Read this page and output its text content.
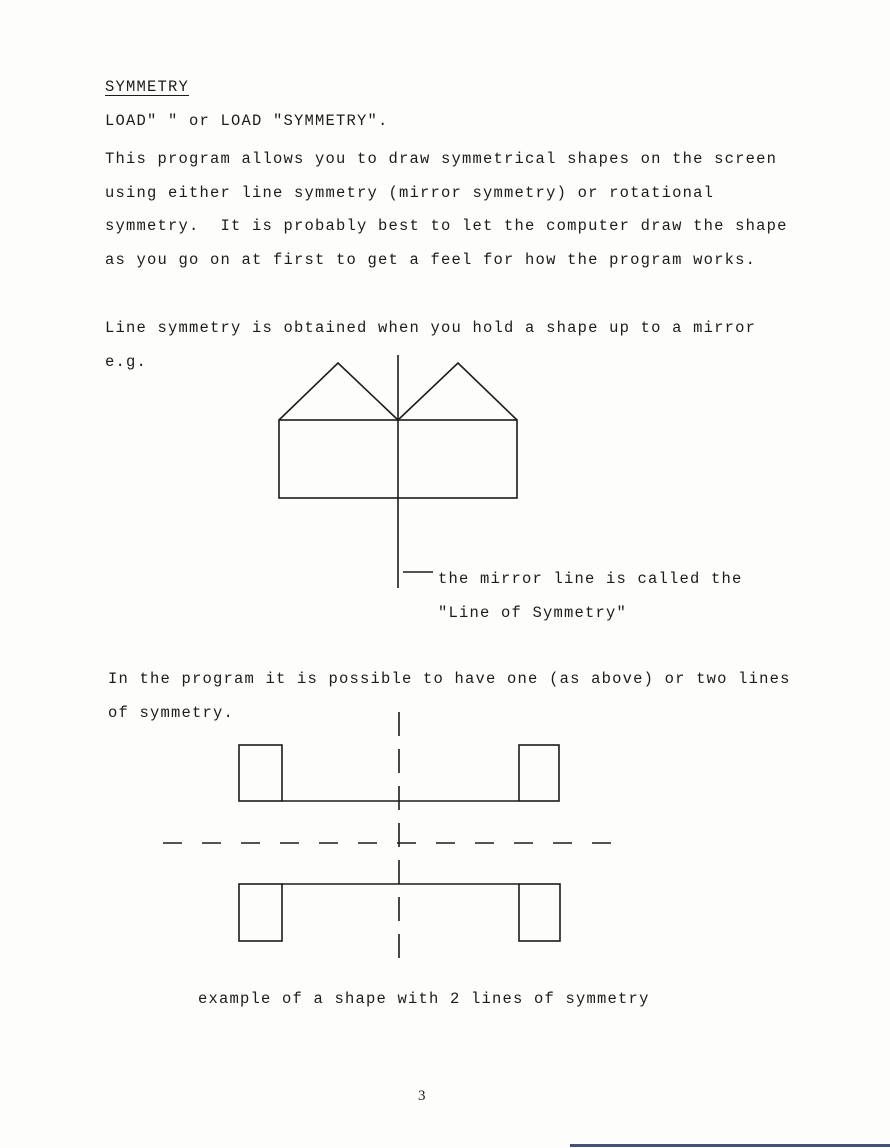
SYMMETRY
LOAD" " or LOAD "SYMMETRY".
This program allows you to draw symmetrical shapes on the screen
using either line symmetry (mirror symmetry) or rotational
symmetry.  It is probably best to let the computer draw the shape
as you go on at first to get a feel for how the program works.
Line symmetry is obtained when you hold a shape up to a mirror
e.g.
the mirror line is called the
"Line of Symmetry"
In the program it is possible to have one (as above) or two lines
of symmetry.
example of a shape with 2 lines of symmetry
3
